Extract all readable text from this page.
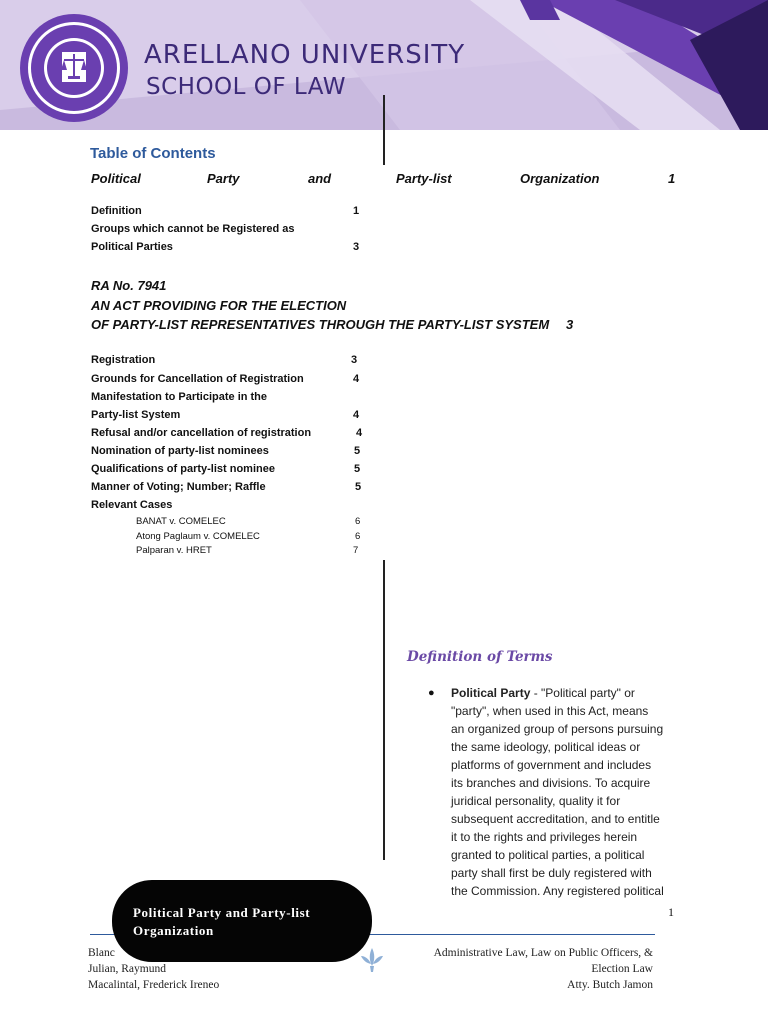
ARELLANO UNIVERSITY
SCHOOL OF LAW
Table of Contents
Political	Party	and	Party-list	Organization	1
Definition	1
Groups which cannot be Registered as
Political Parties	3
RA No. 7941
AN ACT PROVIDING FOR THE ELECTION
OF PARTY-LIST REPRESENTATIVES THROUGH THE PARTY-LIST SYSTEM 3
Registration	3
Grounds for Cancellation of Registration	4
Manifestation to Participate in the
Party-list System	4
Refusal and/or cancellation of registration	4
Nomination of party-list nominees	5
Qualifications of party-list nominee	5
Manner of Voting; Number; Raffle	5
Relevant Cases
BANAT v. COMELEC	6
Atong Paglaum v. COMELEC	6
Palparan v. HRET	7
Definition of Terms
● Political Party - "Political party" or
"party", when used in this Act, means
an organized group of persons pursuing
the same ideology, political ideas or
platforms of government and includes
its branches and divisions. To acquire
juridical personality, quality it for
subsequent accreditation, and to entitle
it to the rights and privileges herein
granted to political parties, a political
party shall first be duly registered with
the Commission. Any registered political
1
Blanc
Julian, Raymund
Macalintal, Frederick Ireneo
Administrative Law, Law on Public Officers, &
Election Law
Atty. Butch Jamon
Political Party and Party-list
Organization
